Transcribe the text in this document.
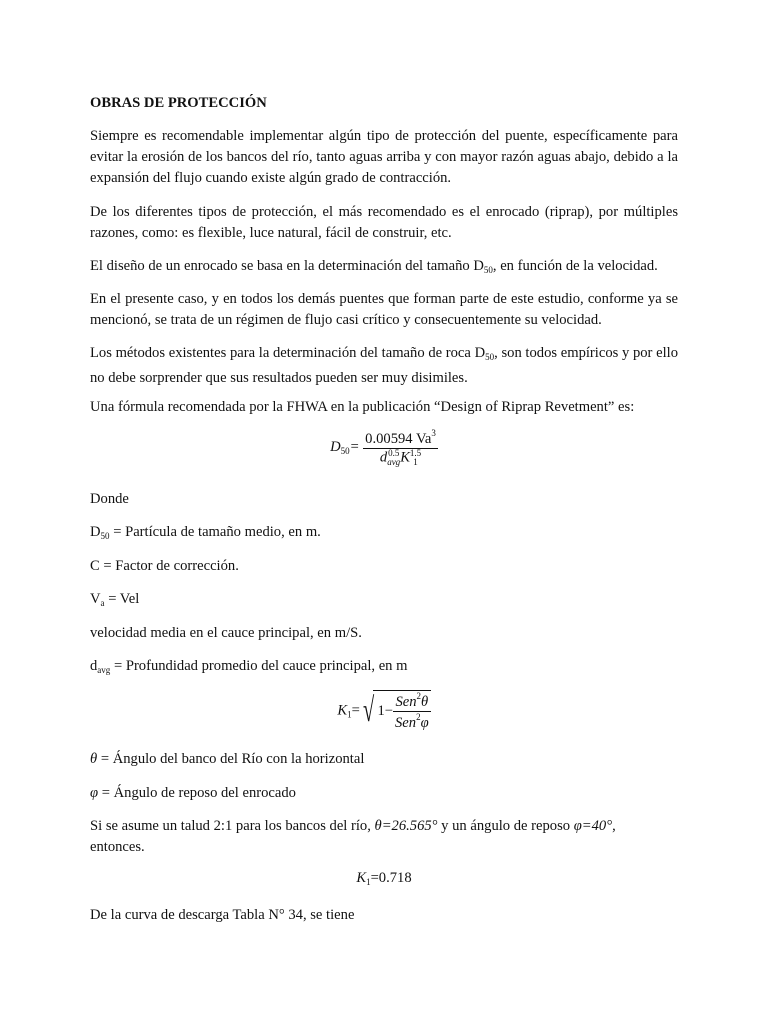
OBRAS DE PROTECCIÓN
Siempre es recomendable implementar algún tipo de protección del puente, específicamente para evitar la erosión de los bancos del río, tanto aguas arriba y con mayor razón aguas abajo, debido a la expansión del flujo cuando existe algún grado de contracción.
De los diferentes tipos de protección, el más recomendado es el enrocado (riprap), por múltiples razones, como: es flexible, luce natural, fácil de construir, etc.
El diseño de un enrocado se basa en la determinación del tamaño $D_{50}$, en función de la velocidad.
En el presente caso, y en todos los demás puentes que forman parte de este estudio, conforme ya se mencionó, se trata de un régimen de flujo casi crítico y consecuentemente su velocidad.
Los métodos existentes para la determinación del tamaño de roca $D_{50}$, son todos empíricos y por ello no debe sorprender que sus resultados pueden ser muy disimiles.
Una fórmula recomendada por la FHWA en la publicación “Design of Riprap Revetment” es:
$D_{50}= 0.00594$ Va$^3$
d 0.5
avg K 1.5
1
Donde
$D_{50}$ = Partícula de tamaño medio, en m.
C = Factor de corrección.
$V_a$ = Vel
velocidad media en el cauce principal, en m/S.
$d_{avg}$ = Profundidad promedio del cauce principal, en m
$K_1=$ √ $1- \frac{Sen^2\theta}{Sen^2\varphi}$
θ = Ángulo del banco del Río con la horizontal
φ = Ángulo de reposo del enrocado
Si se asume un talud 2:1 para los bancos del río, θ=26.565° y un ángulo de reposo φ=40°,
entonces.
$K_1=0.718$
De la curva de descarga Tabla N° 34, se tiene
